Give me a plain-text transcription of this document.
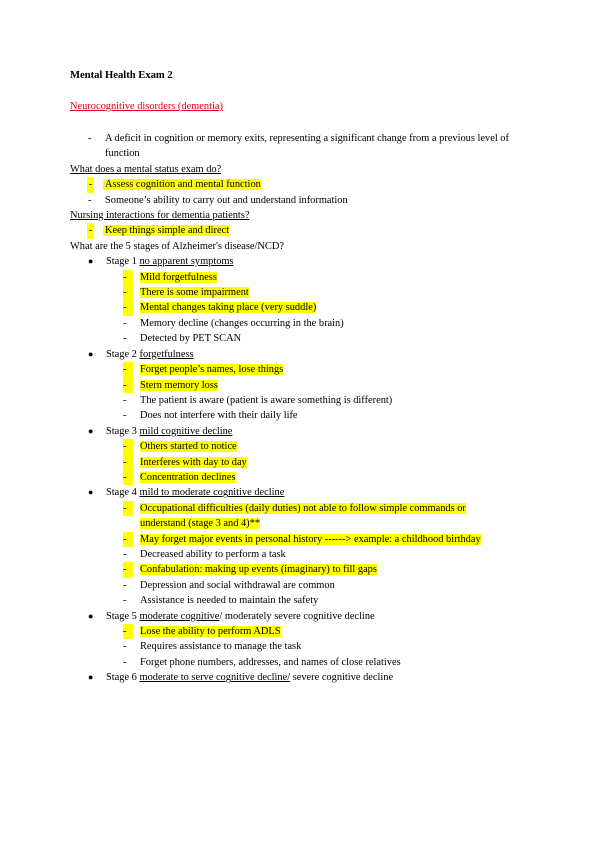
Mental Health Exam 2
Neurocognitive disorders (dementia)
-	A deficit in cognition or memory exits, representing a significant change from a previous level of function
What does a mental status exam do?
- Assess cognition and mental function
-	Someone’s ability to carry out and understand information
Nursing interactions for dementia patients?
- Keep things simple and direct
What are the 5 stages of Alzheimer's disease/NCD?
● Stage 1 no apparent symptoms
-	Mild forgetfulness
-	There is some impairment
-	Mental changes taking place (very suddle)
-	Memory decline (changes occurring in the brain)
-	Detected by PET SCAN
● Stage 2 forgetfulness
-	Forget people’s names, lose things
-	Stern memory loss
-	The patient is aware (patient is aware something is different)
-	Does not interfere with their daily life
● Stage 3 mild cognitive decline
-	Others started to notice
-	Interferes with day to day
-	Concentration declines
● Stage 4 mild to moderate cognitive decline
-	Occupational difficulties (daily duties) not able to follow simple commands or understand (stage 3 and 4)**
-	May forget major events in personal history ------> example: a childhood birthday
-	Decreased ability to perform a task
-	Confabulation: making up events (imaginary) to fill gaps
-	Depression and social withdrawal are common
-	Assistance is needed to maintain the safety
● Stage 5 moderate cognitive/ moderately severe cognitive decline
-	Lose the ability to perform ADLS
-	Requires assistance to manage the task
-	Forget phone numbers, addresses, and names of close relatives
● Stage 6 moderate to serve cognitive decline/ severe cognitive decline
